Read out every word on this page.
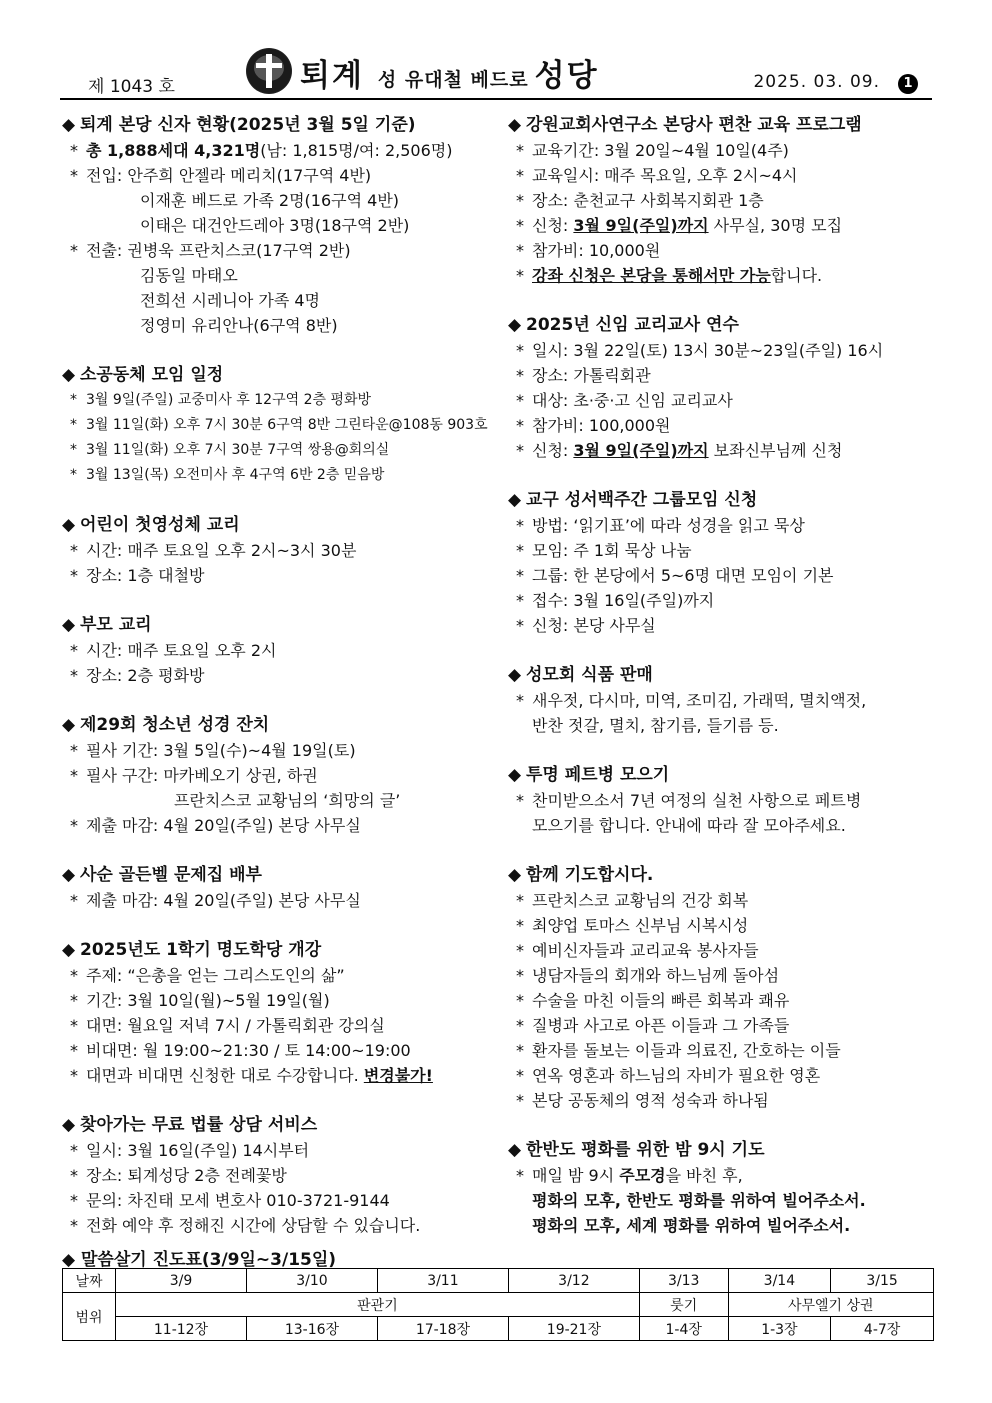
제 1043 호	퇴계 성 유대철 베드로 성당	2025. 03. 09.	1
◆ 퇴계 본당 신자 현황(2025년 3월 5일 기준)
* 총 1,888세대 4,321명(남: 1,815명/여: 2,506명)
* 전입: 안주희 안젤라 메리치(17구역 4반)
이재훈 베드로 가족 2명(16구역 4반)
이태은 대건안드레아 3명(18구역 2반)
* 전출: 권병욱 프란치스코(17구역 2반)
김동일 마태오
전희선 시레니아 가족 4명
정영미 유리안나(6구역 8반)
◆ 소공동체 모임 일정
* 3월 9일(주일) 교중미사 후 12구역 2층 평화방
* 3월 11일(화) 오후 7시 30분 6구역 8반 그린타운@108동 903호
* 3월 11일(화) 오후 7시 30분 7구역 쌍용@회의실
* 3월 13일(목) 오전미사 후 4구역 6반 2층 믿음방
◆ 어린이 첫영성체 교리
* 시간: 매주 토요일 오후 2시~3시 30분
* 장소: 1층 대철방
◆ 부모 교리
* 시간: 매주 토요일 오후 2시
* 장소: 2층 평화방
◆ 제29회 청소년 성경 잔치
* 필사 기간: 3월 5일(수)~4월 19일(토)
* 필사 구간: 마카베오기 상권, 하권
프란치스코 교황님의 ‘희망의 글’
* 제출 마감: 4월 20일(주일) 본당 사무실
◆ 사순 골든벨 문제집 배부
* 제출 마감: 4월 20일(주일) 본당 사무실
◆ 2025년도 1학기 명도학당 개강
* 주제: “은총을 얻는 그리스도인의 삶”
* 기간: 3월 10일(월)~5월 19일(월)
* 대면: 월요일 저녁 7시 / 가톨릭회관 강의실
* 비대면: 월 19:00~21:30 / 토 14:00~19:00
* 대면과 비대면 신청한 대로 수강합니다. 변경불가!
◆ 찾아가는 무료 법률 상담 서비스
* 일시: 3월 16일(주일) 14시부터
* 장소: 퇴계성당 2층 전례꽃방
* 문의: 차진태 모세 변호사 010-3721-9144
* 전화 예약 후 정해진 시간에 상담할 수 있습니다.
◆ 강원교회사연구소 본당사 편찬 교육 프로그램
* 교육기간: 3월 20일~4월 10일(4주)
* 교육일시: 매주 목요일, 오후 2시~4시
* 장소: 춘천교구 사회복지회관 1층
* 신청: 3월 9일(주일)까지 사무실, 30명 모집
* 참가비: 10,000원
* 강좌 신청은 본당을 통해서만 가능합니다.
◆ 2025년 신임 교리교사 연수
* 일시: 3월 22일(토) 13시 30분~23일(주일) 16시
* 장소: 가톨릭회관
* 대상: 초·중·고 신임 교리교사
* 참가비: 100,000원
* 신청: 3월 9일(주일)까지 보좌신부님께 신청
◆ 교구 성서백주간 그룹모임 신청
* 방법: ‘읽기표’에 따라 성경을 읽고 묵상
* 모임: 주 1회 묵상 나눔
* 그룹: 한 본당에서 5~6명 대면 모임이 기본
* 접수: 3월 16일(주일)까지
* 신청: 본당 사무실
◆ 성모회 식품 판매
* 새우젓, 다시마, 미역, 조미김, 가래떡, 멸치액젓,
반찬 젓갈, 멸치, 참기름, 들기름 등.
◆ 투명 페트병 모으기
* 찬미받으소서 7년 여정의 실천 사항으로 페트병
모으기를 합니다. 안내에 따라 잘 모아주세요.
◆ 함께 기도합시다.
* 프란치스코 교황님의 건강 회복
* 최양업 토마스 신부님 시복시성
* 예비신자들과 교리교육 봉사자들
* 냉담자들의 회개와 하느님께 돌아섬
* 수술을 마친 이들의 빠른 회복과 쾌유
* 질병과 사고로 아픈 이들과 그 가족들
* 환자를 돌보는 이들과 의료진, 간호하는 이들
* 연옥 영혼과 하느님의 자비가 필요한 영혼
* 본당 공동체의 영적 성숙과 하나됨
◆ 한반도 평화를 위한 밤 9시 기도
* 매일 밤 9시 주모경을 바친 후,
평화의 모후, 한반도 평화를 위하여 빌어주소서.
평화의 모후, 세계 평화를 위하여 빌어주소서.
◆ 말씀살기 진도표(3/9일~3/15일)
날짜	3/9	3/10	3/11	3/12	3/13	3/14	3/15
범위	판관기				룻기	사무엘기 상권	
	11-12장	13-16장	17-18장	19-21장	1-4장	1-3장	4-7장
